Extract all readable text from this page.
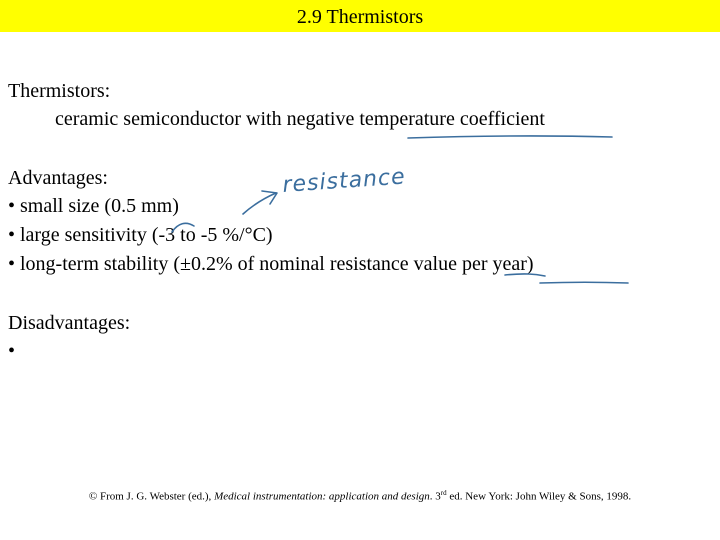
2.9 Thermistors
Thermistors:
ceramic semiconductor with negative temperature coefficient
Advantages:
• small size (0.5 mm)
• large sensitivity (-3 to -5 %/°C)
• long-term stability (±0.2% of nominal resistance value per year)
Disadvantages:
•
© From J. G. Webster (ed.), Medical instrumentation: application and design. 3rd ed. New York: John Wiley & Sons, 1998.
resistance
